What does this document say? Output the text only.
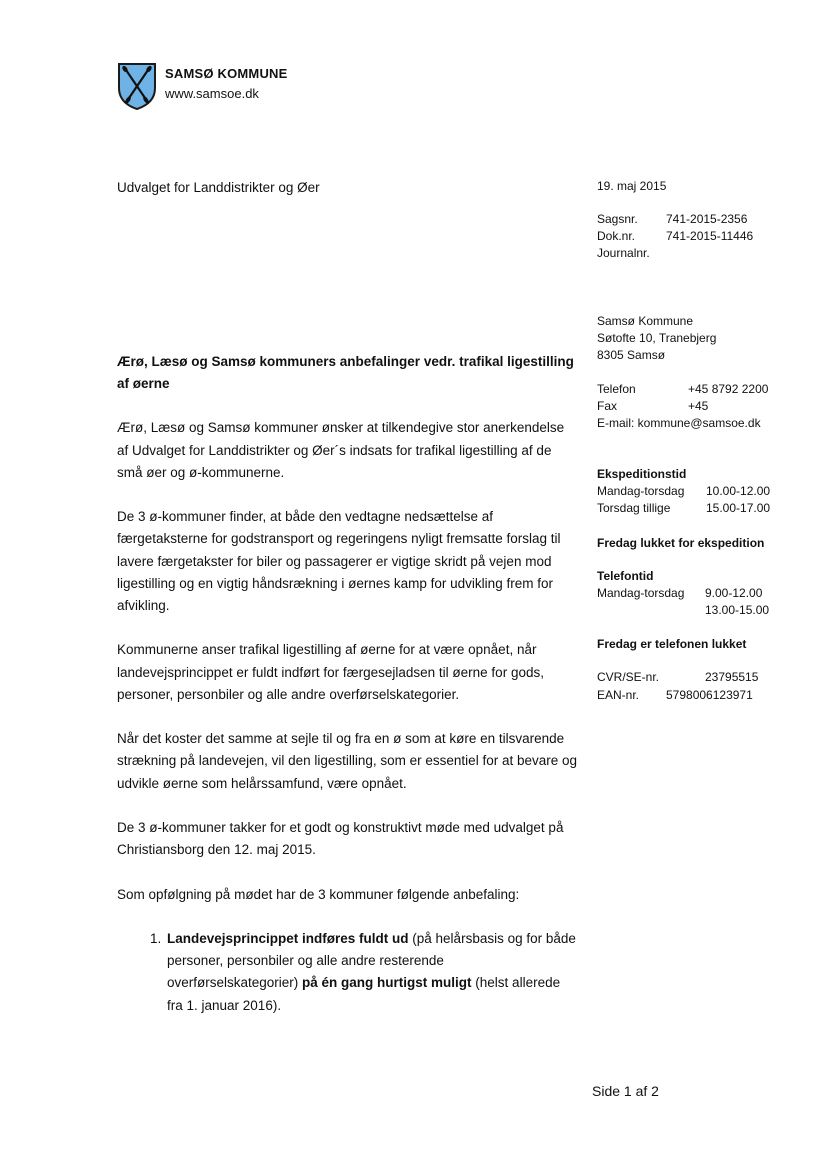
SAMSØ KOMMUNE
www.samsoe.dk
Udvalget for Landdistrikter og Øer	19. maj 2015
Sagsnr.	741-2015-2356
Dok.nr.	741-2015-11446
Journalnr.
Samsø Kommune
Søtofte 10, Tranebjerg
8305 Samsø
Telefon	+45 8792 2200
Fax	+45
E-mail: kommune@samsoe.dk
Ekspeditionstid
Mandag-torsdag	10.00-12.00
Torsdag tillige	15.00-17.00
Fredag lukket for ekspedition
Telefontid
Mandag-torsdag	9.00-12.00
13.00-15.00
Fredag er telefonen lukket
CVR/SE-nr.	23795515
EAN-nr.	5798006123971
Ærø, Læsø og Samsø kommuners anbefalinger vedr. trafikal ligestilling af øerne

Ærø, Læsø og Samsø kommuner ønsker at tilkendegive stor anerkendelse af Udvalget for Landdistrikter og Øer´s indsats for trafikal ligestilling af de små øer og ø-kommunerne.

De 3 ø-kommuner finder, at både den vedtagne nedsættelse af færgetaksterne for godstransport og regeringens nyligt fremsatte forslag til lavere færgetakster for biler og passagerer er vigtige skridt på vejen mod ligestilling og en vigtig håndsrækning i øernes kamp for udvikling frem for afvikling.

Kommunerne anser trafikal ligestilling af øerne for at være opnået, når landevejsprincippet er fuldt indført for færgesejladsen til øerne for gods, personer, personbiler og alle andre overførselskategorier.

Når det koster det samme at sejle til og fra en ø som at køre en tilsvarende strækning på landevejen, vil den ligestilling, som er essentiel for at bevare og udvikle øerne som helårssamfund, være opnået.

De 3 ø-kommuner takker for et godt og konstruktivt møde med udvalget på Christiansborg den 12. maj 2015.

Som opfølgning på mødet har de 3 kommuner følgende anbefaling:

1. Landevejsprincippet indføres fuldt ud (på helårsbasis og for både personer, personbiler og alle andre resterende overførselskategorier) på én gang hurtigst muligt (helst allerede fra 1. januar 2016).
Side 1 af 2
